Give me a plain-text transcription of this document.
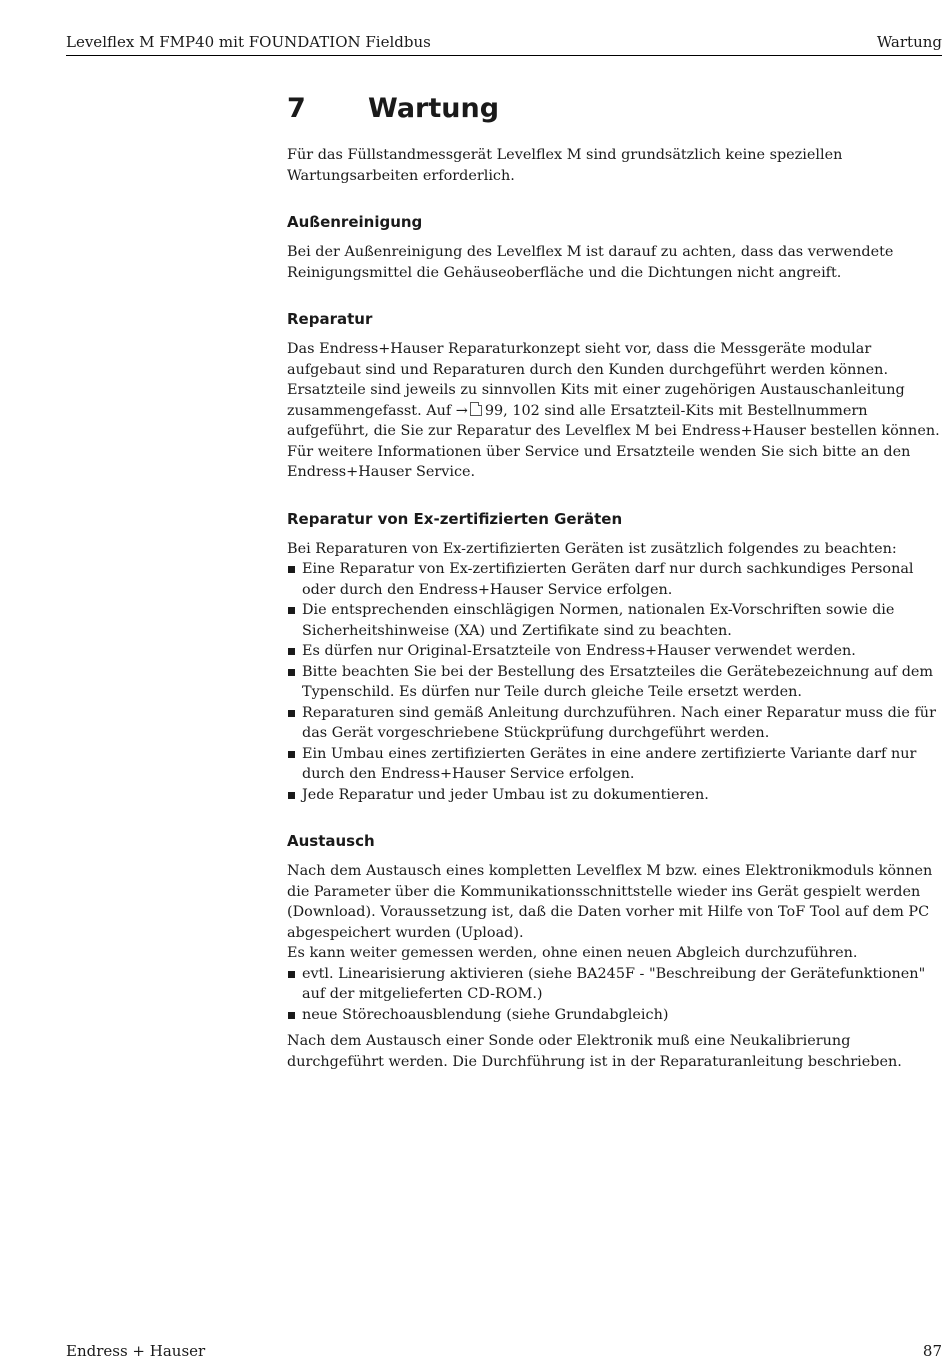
Levelflex M FMP40 mit FOUNDATION Fieldbus	Wartung
7	Wartung

Für das Füllstandmessgerät Levelflex M sind grundsätzlich keine speziellen Wartungsarbeiten erforderlich.

Außenreinigung

Bei der Außenreinigung des Levelflex M ist darauf zu achten, dass das verwendete Reinigungsmittel die Gehäuseoberfläche und die Dichtungen nicht angreift.

Reparatur

Das Endress+Hauser Reparaturkonzept sieht vor, dass die Messgeräte modular aufgebaut sind und Reparaturen durch den Kunden durchgeführt werden können. Ersatzteile sind jeweils zu sinnvollen Kits mit einer zugehörigen Austauschanleitung zusammengefasst. Auf → 99, 102 sind alle Ersatzteil-Kits mit Bestellnummern aufgeführt, die Sie zur Reparatur des Levelflex M bei Endress+Hauser bestellen können. Für weitere Informationen über Service und Ersatzteile wenden Sie sich bitte an den Endress+Hauser Service.

Reparatur von Ex-zertifizierten Geräten

Bei Reparaturen von Ex-zertifizierten Geräten ist zusätzlich folgendes zu beachten:

Eine Reparatur von Ex-zertifizierten Geräten darf nur durch sachkundiges Personal oder durch den Endress+Hauser Service erfolgen.
Die entsprechenden einschlägigen Normen, nationalen Ex-Vorschriften sowie die Sicherheitshinweise (XA) und Zertifikate sind zu beachten.
Es dürfen nur Original-Ersatzteile von Endress+Hauser verwendet werden.
Bitte beachten Sie bei der Bestellung des Ersatzteiles die Gerätebezeichnung auf dem Typenschild. Es dürfen nur Teile durch gleiche Teile ersetzt werden.
Reparaturen sind gemäß Anleitung durchzuführen. Nach einer Reparatur muss die für das Gerät vorgeschriebene Stückprüfung durchgeführt werden.
Ein Umbau eines zertifizierten Gerätes in eine andere zertifizierte Variante darf nur durch den Endress+Hauser Service erfolgen.
Jede Reparatur und jeder Umbau ist zu dokumentieren.
Austausch

Nach dem Austausch eines kompletten Levelflex M bzw. eines Elektronikmoduls können die Parameter über die Kommunikationsschnittstelle wieder ins Gerät gespielt werden (Download). Voraussetzung ist, daß die Daten vorher mit Hilfe von ToF Tool auf dem PC abgespeichert wurden (Upload).

Es kann weiter gemessen werden, ohne einen neuen Abgleich durchzuführen.

evtl. Linearisierung aktivieren (siehe BA245F - "Beschreibung der Gerätefunktionen" auf der mitgelieferten CD-ROM.)
neue Störechoausblendung (siehe Grundabgleich)

Nach dem Austausch einer Sonde oder Elektronik muß eine Neukalibrierung durchgeführt werden. Die Durchführung ist in der Reparaturanleitung beschrieben.

Endress + Hauser	87
